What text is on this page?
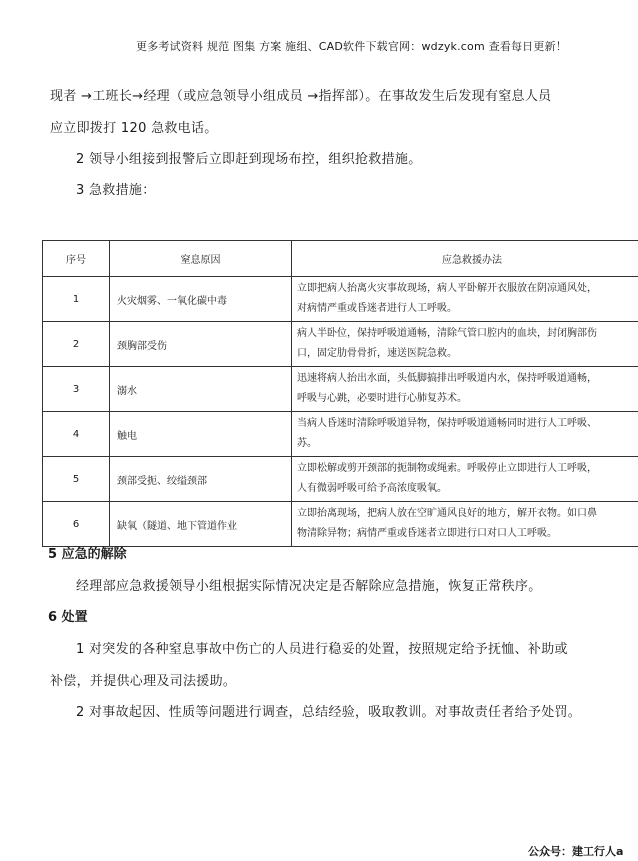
更多考试资料 规范 图集 方案 施组、CAD软件下载官网：wdzyk.com 查看每日更新！
现者 →工班长→经理（或应急领导小组成员 →指挥部）。在事故发生后发现有窒息人员
应立即拨打 120 急救电话。
2 领导小组接到报警后立即赶到现场布控，组织抢救措施。
3 急救措施：
序号	窒息原因	应急救援办法
1	火灾烟雾、一氧化碳中毒	立即把病人抬离火灾事故现场，病人平卧解开衣服放在阴凉通风处，
对病情严重或昏迷者进行人工呼吸。

2	颈胸部受伤	病人半卧位，保持呼吸道通畅，清除气管口腔内的血块，封闭胸部伤
口，固定肋骨骨折，速送医院急救。

3	溺水	迅速将病人抬出水面，头低脚搞排出呼吸道内水，保持呼吸道通畅，
呼吸与心跳，必要时进行心肺复苏术。

4	触电	当病人昏迷时清除呼吸道异物，保持呼吸道通畅同时进行人工呼吸、
苏。

5	颈部受扼、绞缢颈部	立即松解或剪开颈部的扼制物或绳索。呼吸停止立即进行人工呼吸，
人有微弱呼吸可给予高浓度吸氧。

6	缺氧（隧道、地下管道作业	立即抬离现场，把病人放在空旷通风良好的地方，解开衣物。如口鼻
物清除异物；病情严重或昏迷者立即进行口对口人工呼吸。
5 应急的解除
经理部应急救援领导小组根据实际情况决定是否解除应急措施，恢复正常秩序。
6 处置
1 对突发的各种窒息事故中伤亡的人员进行稳妥的处置，按照规定给予抚恤、补助或
补偿，并提供心理及司法援助。
2 对事故起因、性质等问题进行调查，总结经验，吸取教训。对事故责任者给予处罚。
公众号：建工行人a
